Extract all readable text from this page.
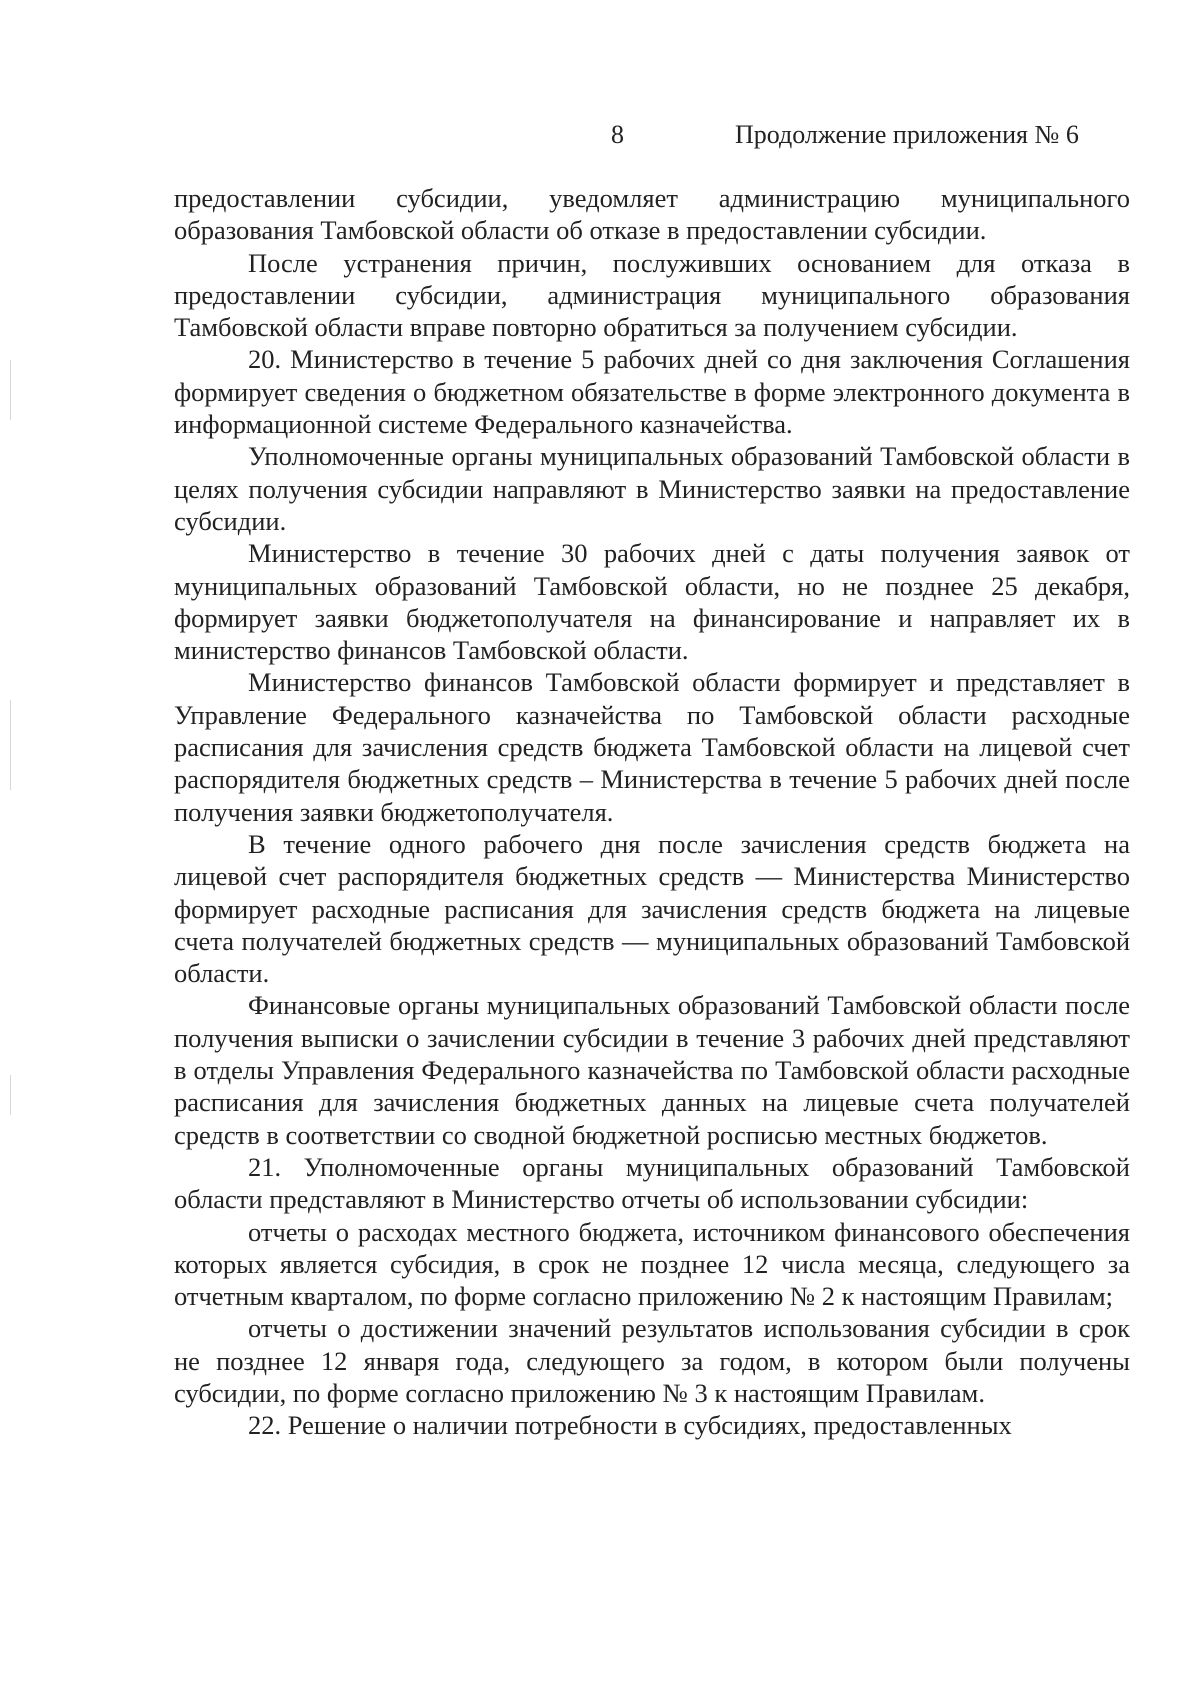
8	Продолжение приложения № 6

предоставлении субсидии, уведомляет администрацию муниципального образования Тамбовской области об отказе в предоставлении субсидии.

После устранения причин, послуживших основанием для отказа в предоставлении субсидии, администрация муниципального образования Тамбовской области вправе повторно обратиться за получением субсидии.

20. Министерство в течение 5 рабочих дней со дня заключения Соглашения формирует сведения о бюджетном обязательстве в форме электронного документа в информационной системе Федерального казначейства.

Уполномоченные органы муниципальных образований Тамбовской области в целях получения субсидии направляют в Министерство заявки на предоставление субсидии.

Министерство в течение 30 рабочих дней с даты получения заявок от муниципальных образований Тамбовской области, но не позднее 25 декабря, формирует заявки бюджетополучателя на финансирование и направляет их в министерство финансов Тамбовской области.

Министерство финансов Тамбовской области формирует и представляет в Управление Федерального казначейства по Тамбовской области расходные расписания для зачисления средств бюджета Тамбовской области на лицевой счет распорядителя бюджетных средств – Министерства в течение 5 рабочих дней после получения заявки бюджетополучателя.

В течение одного рабочего дня после зачисления средств бюджета на лицевой счет распорядителя бюджетных средств — Министерства Министерство формирует расходные расписания для зачисления средств бюджета на лицевые счета получателей бюджетных средств — муниципальных образований Тамбовской области.

Финансовые органы муниципальных образований Тамбовской области после получения выписки о зачислении субсидии в течение 3 рабочих дней представляют в отделы Управления Федерального казначейства по Тамбовской области расходные расписания для зачисления бюджетных данных на лицевые счета получателей средств в соответствии со сводной бюджетной росписью местных бюджетов.

21. Уполномоченные органы муниципальных образований Тамбовской области представляют в Министерство отчеты об использовании субсидии:

отчеты о расходах местного бюджета, источником финансового обеспечения которых является субсидия, в срок не позднее 12 числа месяца, следующего за отчетным кварталом, по форме согласно приложению № 2 к настоящим Правилам;

отчеты о достижении значений результатов использования субсидии в срок не позднее 12 января года, следующего за годом, в котором были получены субсидии, по форме согласно приложению № 3 к настоящим Правилам.

22. Решение о наличии потребности в субсидиях, предоставленных
